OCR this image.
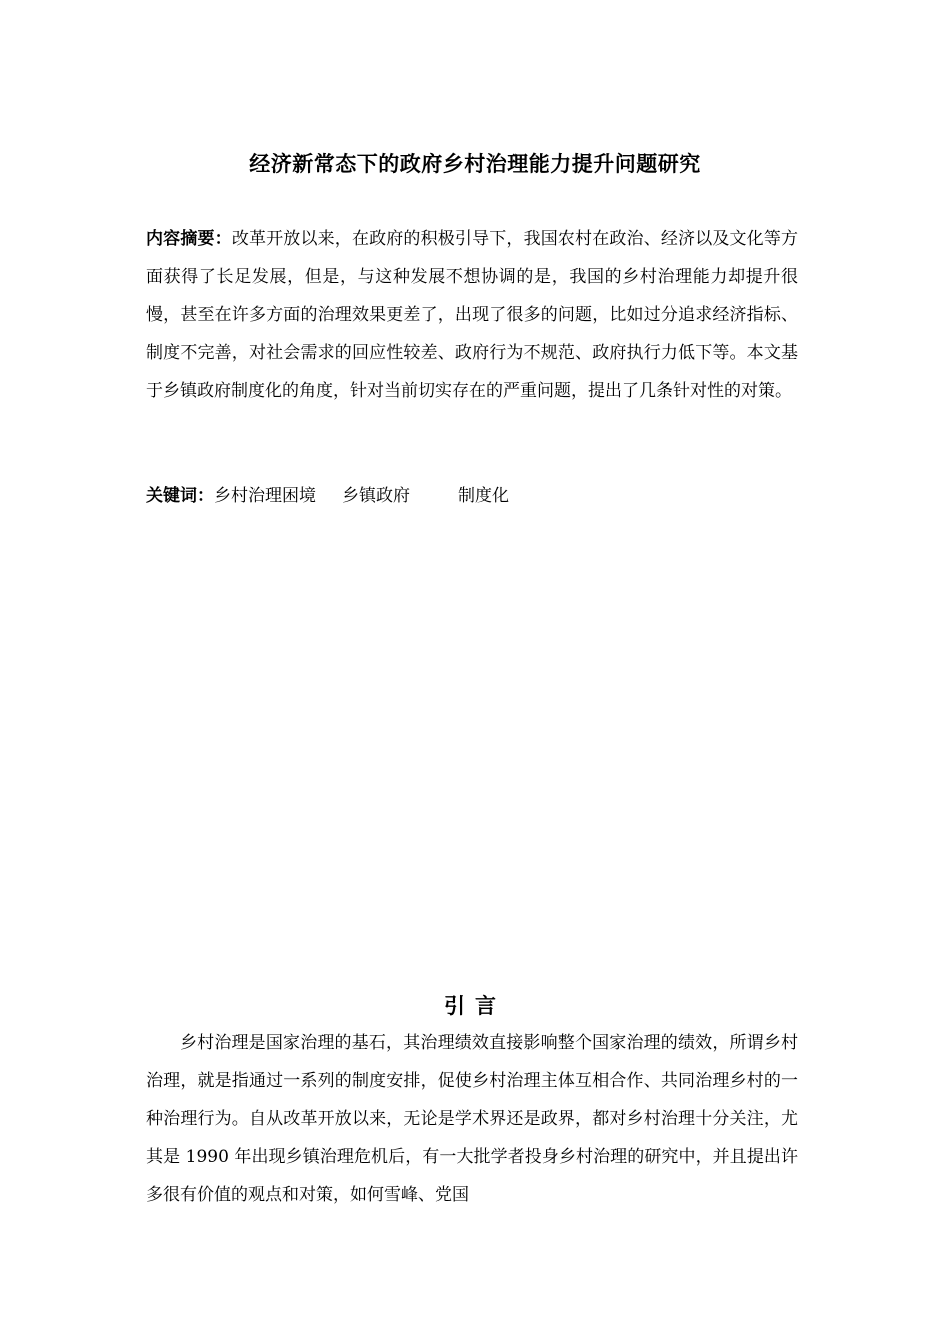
经济新常态下的政府乡村治理能力提升问题研究
内容摘要：改革开放以来，在政府的积极引导下，我国农村在政治、经济以及文化等方面获得了长足发展，但是，与这种发展不想协调的是，我国的乡村治理能力却提升很慢，甚至在许多方面的治理效果更差了，出现了很多的问题，比如过分追求经济指标、制度不完善，对社会需求的回应性较差、政府行为不规范、政府执行力低下等。本文基于乡镇政府制度化的角度，针对当前切实存在的严重问题，提出了几条针对性的对策。
关键词：乡村治理困境 乡镇政府	制度化
引言
乡村治理是国家治理的基石，其治理绩效直接影响整个国家治理的绩效，所谓乡村治理，就是指通过一系列的制度安排，促使乡村治理主体互相合作、共同治理乡村的一种治理行为。自从改革开放以来，无论是学术界还是政界，都对乡村治理十分关注，尤其是 1990 年出现乡镇治理危机后，有一大批学者投身乡村治理的研究中，并且提出许多很有价值的观点和对策，如何雪峰、党国
